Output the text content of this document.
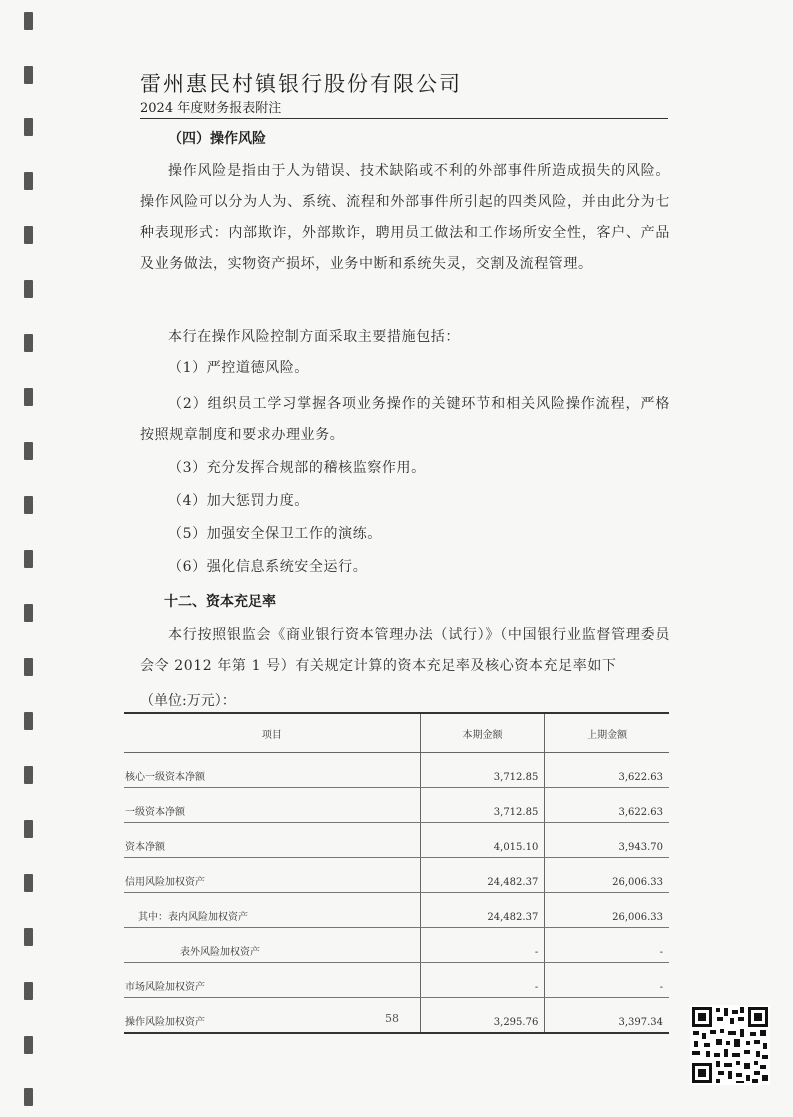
雷州惠民村镇银行股份有限公司
2024 年度财务报表附注
（四）操作风险

操作风险是指由于人为错误、技术缺陷或不利的外部事件所造成损失的风险。操作风险可以分为人为、系统、流程和外部事件所引起的四类风险，并由此分为七种表现形式：内部欺诈，外部欺诈，聘用员工做法和工作场所安全性，客户、产品及业务做法，实物资产损坏，业务中断和系统失灵，交割及流程管理。

本行在操作风险控制方面采取主要措施包括：

（1）严控道德风险。

（2）组织员工学习掌握各项业务操作的关键环节和相关风险操作流程，严格按照规章制度和要求办理业务。

（3）充分发挥合规部的稽核监察作用。

（4）加大惩罚力度。

（5）加强安全保卫工作的演练。

（6）强化信息系统安全运行。

十二、资本充足率

本行按照银监会《商业银行资本管理办法（试行）》（中国银行业监督管理委员会令 2012 年第 1 号）有关规定计算的资本充足率及核心资本充足率如下

（单位:万元）：
项目	本期金额	上期金额
核心一级资本净额	3,712.85	3,622.63
一级资本净额	3,712.85	3,622.63
资本净额	4,015.10	3,943.70
信用风险加权资产	24,482.37	26,006.33
其中：表内风险加权资产	24,482.37	26,006.33
表外风险加权资产	-	-
市场风险加权资产	-	-
操作风险加权资产	3,295.76	3,397.34
58
